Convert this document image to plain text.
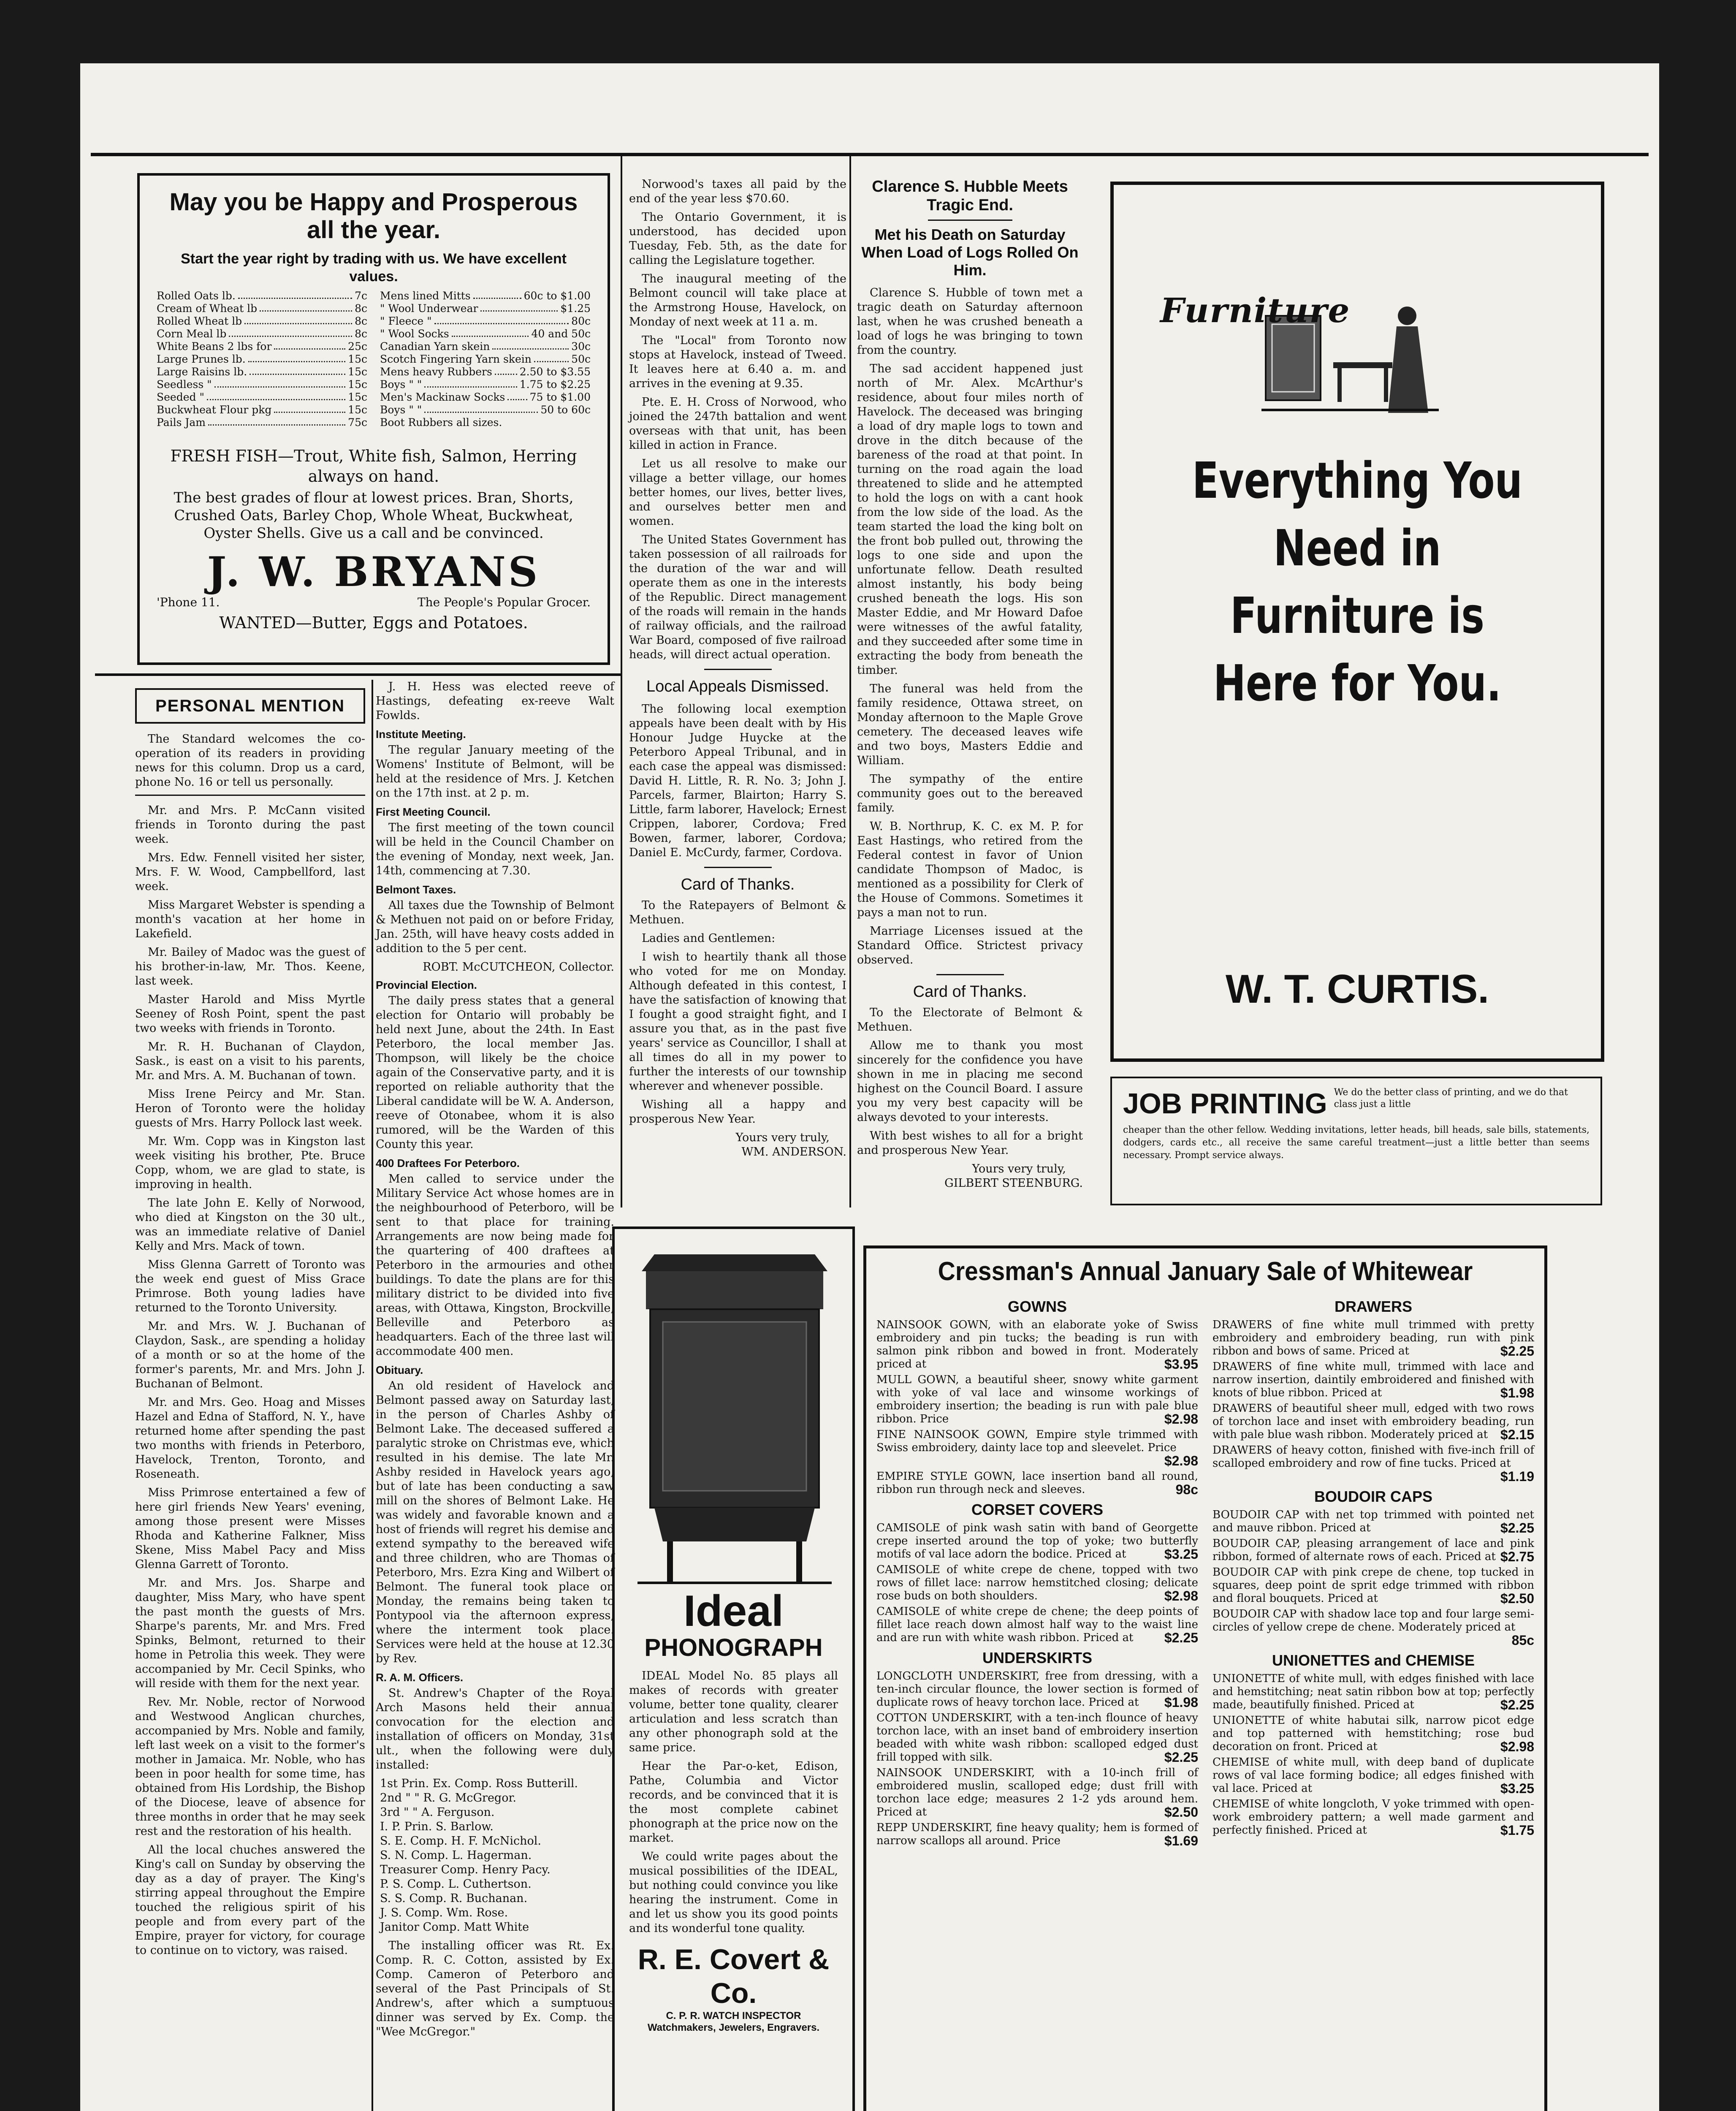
May you be Happy and Prosperous
all the year.
Start the year right by trading with us. We have excellent values.
Rolled Oats lb.	7c
Cream of Wheat lb	8c
Rolled Wheat lb	8c
Corn Meal lb	8c
White Beans 2 lbs for	25c
Large Prunes lb.	15c
Large Raisins lb.	15c
Seedless "	15c
Seeded "	15c
Buckwheat Flour pkg	15c
Pails Jam	75c
Mens lined Mitts	60c to $1.00
" Wool Underwear	$1.25
" Fleece "	80c
" Wool Socks	40 and 50c
Canadian Yarn skein	30c
Scotch Fingering Yarn skein	50c
Mens heavy Rubbers	2.50 to $3.55
Boys " "	1.75 to $2.25
Men's Mackinaw Socks 75 to $1.00
Boys " "	50 to 60c
Boot Rubbers all sizes.
FRESH FISH—Trout, White fish, Salmon, Herring always on hand.
The best grades of flour at lowest prices. Bran, Shorts, Crushed Oats, Barley Chop, Whole Wheat, Buckwheat, Oyster Shells. Give us a call and be convinced.
J. W. BRYANS
'Phone 11.	The People's Popular Grocer.
WANTED—Butter, Eggs and Potatoes.

Norwood's taxes all paid by the end of the year less $70.60.

The Ontario Government, it is understood, has decided upon Tuesday, Feb. 5th, as the date for calling the Legislature together.

The inaugural meeting of the Belmont council will take place at the Armstrong House, Havelock, on Monday of next week at 11 a. m.

The "Local" from Toronto now stops at Havelock, instead of Tweed. It leaves here at 6.40 a. m. and arrives in the evening at 9.35.

Pte. E. H. Cross of Norwood, who joined the 247th battalion and went overseas with that unit, has been killed in action in France.

Let us all resolve to make our village a better village, our homes better homes, our lives, better lives, and ourselves better men and women.

The United States Government has taken possession of all railroads for the duration of the war and will operate them as one in the interests of the Republic. Direct management of the roads will remain in the hands of railway officials, and the railroad War Board, composed of five railroad heads, will direct actual operation.

Local Appeals Dismissed.

The following local exemption appeals have been dealt with by His Honour Judge Huycke at the Peterboro Appeal Tribunal, and in each case the appeal was dismissed: David H. Little, R. R. No. 3; John J. Parcels, farmer, Blairton; Harry S. Little, farm laborer, Havelock; Ernest Crippen, laborer, Cordova; Fred Bowen, farmer, laborer, Cordova; Daniel E. McCurdy, farmer, Cordova.

Card of Thanks.

To the Ratepayers of Belmont & Methuen.

Ladies and Gentlemen:

I wish to heartily thank all those who voted for me on Monday. Although defeated in this contest, I have the satisfaction of knowing that I fought a good straight fight, and I assure you that, as in the past five years' service as Councillor, I shall at all times do all in my power to further the interests of our township wherever and whenever possible.

Wishing all a happy and prosperous New Year.

Yours very truly,
WM. ANDERSON.
Clarence S. Hubble Meets Tragic End.
Met his Death on Saturday When Load of Logs Rolled On Him.

Clarence S. Hubble of town met a tragic death on Saturday afternoon last, when he was crushed beneath a load of logs he was bringing to town from the country.

The sad accident happened just north of Mr. Alex. McArthur's residence, about four miles north of Havelock. The deceased was bringing a load of dry maple logs to town and drove in the ditch because of the bareness of the road at that point. In turning on the road again the load threatened to slide and he attempted to hold the logs on with a cant hook from the low side of the load. As the team started the load the king bolt on the front bob pulled out, throwing the logs to one side and upon the unfortunate fellow. Death resulted almost instantly, his body being crushed beneath the logs. His son Master Eddie, and Mr Howard Dafoe were witnesses of the awful fatality, and they succeeded after some time in extracting the body from beneath the timber.

The funeral was held from the family residence, Ottawa street, on Monday afternoon to the Maple Grove cemetery. The deceased leaves wife and two boys, Masters Eddie and William.

The sympathy of the entire community goes out to the bereaved family.

W. B. Northrup, K. C. ex M. P. for East Hastings, who retired from the Federal contest in favor of Union candidate Thompson of Madoc, is mentioned as a possibility for Clerk of the House of Commons. Sometimes it pays a man not to run.

Marriage Licenses issued at the Standard Office. Strictest privacy observed.

Card of Thanks.

To the Electorate of Belmont & Methuen.

Allow me to thank you most sincerely for the confidence you have shown in me in placing me second highest on the Council Board. I assure you my very best capacity will be always devoted to your interests.

With best wishes to all for a bright and prosperous New Year.

Yours very truly,
GILBERT STEENBURG.
Furniture
Everything You
Need in
Furniture is
Here for You.
W. T. CURTIS.
JOB PRINTING We do the better class of printing, and we do that class just a little
cheaper than the other fellow. Wedding invitations, letter heads, bill heads, sale bills, statements, dodgers, cards etc., all receive the same careful treatment—just a little better than seems necessary. Prompt service always.
PERSONAL MENTION

The Standard welcomes the co-operation of its readers in providing news for this column. Drop us a card, phone No. 16 or tell us personally.

Mr. and Mrs. P. McCann visited friends in Toronto during the past week.

Mrs. Edw. Fennell visited her sister, Mrs. F. W. Wood, Campbellford, last week.

Miss Margaret Webster is spending a month's vacation at her home in Lakefield.

Mr. Bailey of Madoc was the guest of his brother-in-law, Mr. Thos. Keene, last week.

Master Harold and Miss Myrtle Seeney of Rosh Point, spent the past two weeks with friends in Toronto.

Mr. R. H. Buchanan of Claydon, Sask., is east on a visit to his parents, Mr. and Mrs. A. M. Buchanan of town.

Miss Irene Peircy and Mr. Stan. Heron of Toronto were the holiday guests of Mrs. Harry Pollock last week.

Mr. Wm. Copp was in Kingston last week visiting his brother, Pte. Bruce Copp, whom, we are glad to state, is improving in health.

The late John E. Kelly of Norwood, who died at Kingston on the 30 ult., was an immediate relative of Daniel Kelly and Mrs. Mack of town.

Miss Glenna Garrett of Toronto was the week end guest of Miss Grace Primrose. Both young ladies have returned to the Toronto University.

Mr. and Mrs. W. J. Buchanan of Claydon, Sask., are spending a holiday of a month or so at the home of the former's parents, Mr. and Mrs. John J. Buchanan of Belmont.

Mr. and Mrs. Geo. Hoag and Misses Hazel and Edna of Stafford, N. Y., have returned home after spending the past two months with friends in Peterboro, Havelock, Trenton, Toronto, and Roseneath.

Miss Primrose entertained a few of here girl friends New Years' evening, among those present were Misses Rhoda and Katherine Falkner, Miss Skene, Miss Mabel Pacy and Miss Glenna Garrett of Toronto.

Mr. and Mrs. Jos. Sharpe and daughter, Miss Mary, who have spent the past month the guests of Mrs. Sharpe's parents, Mr. and Mrs. Fred Spinks, Belmont, returned to their home in Petrolia this week. They were accompanied by Mr. Cecil Spinks, who will reside with them for the next year.

Rev. Mr. Noble, rector of Norwood and Westwood Anglican churches, accompanied by Mrs. Noble and family, left last week on a visit to the former's mother in Jamaica. Mr. Noble, who has been in poor health for some time, has obtained from His Lordship, the Bishop of the Diocese, leave of absence for three months in order that he may seek rest and the restoration of his health.

All the local chuches answered the King's call on Sunday by observing the day as a day of prayer. The King's stirring appeal throughout the Empire touched the religious spirit of his people and from every part of the Empire, prayer for victory, for courage to continue on to victory, was raised.

J. H. Hess was elected reeve of Hastings, defeating ex-reeve Walt Fowlds.

Institute Meeting.

The regular January meeting of the Womens' Institute of Belmont, will be held at the residence of Mrs. J. Ketchen on the 17th inst. at 2 p. m.

First Meeting Council.

The first meeting of the town council will be held in the Council Chamber on the evening of Monday, next week, Jan. 14th, commencing at 7.30.

Belmont Taxes.

All taxes due the Township of Belmont & Methuen not paid on or before Friday, Jan. 25th, will have heavy costs added in addition to the 5 per cent.

ROBT. McCUTCHEON, Collector.
Provincial Election.

The daily press states that a general election for Ontario will probably be held next June, about the 24th. In East Peterboro, the local member Jas. Thompson, will likely be the choice again of the Conservative party, and it is reported on reliable authority that the Liberal candidate will be W. A. Anderson, reeve of Otonabee, whom it is also rumored, will be the Warden of this County this year.

400 Draftees For Peterboro.

Men called to service under the Military Service Act whose homes are in the neighbourhood of Peterboro, will be sent to that place for training. Arrangements are now being made for the quartering of 400 draftees at Peterboro in the armouries and other buildings. To date the plans are for this military district to be divided into five areas, with Ottawa, Kingston, Brockville, Belleville and Peterboro as headquarters. Each of the three last will accommodate 400 men.

Obituary.

An old resident of Havelock and Belmont passed away on Saturday last, in the person of Charles Ashby of Belmont Lake. The deceased suffered a paralytic stroke on Christmas eve, which resulted in his demise. The late Mr. Ashby resided in Havelock years ago, but of late has been conducting a saw mill on the shores of Belmont Lake. He was widely and favorable known and a host of friends will regret his demise and extend sympathy to the bereaved wife and three children, who are Thomas of Peterboro, Mrs. Ezra King and Wilbert of Belmont. The funeral took place on Monday, the remains being taken to Pontypool via the afternoon express, where the interment took place. Services were held at the house at 12.30 by Rev.

R. A. M. Officers.

St. Andrew's Chapter of the Royal Arch Masons held their annual convocation for the election and installation of officers on Monday, 31st ult., when the following were duly installed:

1st Prin. Ex. Comp. Ross Butterill.
2nd " " R. G. McGregor.
3rd " " A. Ferguson.
I. P. Prin. S. Barlow.
S. E. Comp. H. F. McNichol.
S. N. Comp. L. Hagerman.
Treasurer Comp. Henry Pacy.
P. S. Comp. L. Cuthertson.
S. S. Comp. R. Buchanan.
J. S. Comp. Wm. Rose.
Janitor Comp. Matt White

The installing officer was Rt. Ex. Comp. R. C. Cotton, assisted by Ex. Comp. Cameron of Peterboro and several of the Past Principals of St. Andrew's, after which a sumptuous dinner was served by Ex. Comp. the "Wee McGregor."

Ideal
PHONOGRAPH

IDEAL Model No. 85 plays all makes of records with greater volume, better tone quality, clearer articulation and less scratch than any other phonograph sold at the same price.

Hear the Par-o-ket, Edison, Pathe, Columbia and Victor records, and be convinced that it is the most complete cabinet phonograph at the price now on the market.

We could write pages about the musical possibilities of the IDEAL, but nothing could convince you like hearing the instrument. Come in and let us show you its good points and its wonderful tone quality.

R. E. Covert & Co.
C. P. R. WATCH INSPECTOR
Watchmakers, Jewelers, Engravers.
Cressman's Annual January Sale of Whitewear
GOWNS
NAINSOOK GOWN, with an elaborate yoke of Swiss embroidery and pin tucks; the beading is run with salmon pink ribbon and bowed in front. Moderately priced at	$3.95
MULL GOWN, a beautiful sheer, snowy white garment with yoke of val lace and winsome workings of embroidery insertion; the beading is run with pale blue ribbon. Price	$2.98
FINE NAINSOOK GOWN, Empire style trimmed with Swiss embroidery, dainty lace top and sleevelet. Price
$2.98
EMPIRE STYLE GOWN, lace insertion band all round, ribbon run through neck and sleeves.	98c
CORSET COVERS
CAMISOLE of pink wash satin with band of Georgette crepe inserted around the top of yoke; two butterfly motifs of val lace adorn the bodice. Priced at	$3.25
CAMISOLE of white crepe de chene, topped with two rows of fillet lace: narrow hemstitched closing; delicate rose buds on both shoulders.	$2.98
CAMISOLE of white crepe de chene; the deep points of fillet lace reach down almost half way to the waist line and are run with white wash ribbon. Priced at $2.25
UNDERSKIRTS
LONGCLOTH UNDERSKIRT, free from dressing, with a ten-inch circular flounce, the lower section is formed of duplicate rows of heavy torchon lace. Priced at $1.98
COTTON UNDERSKIRT, with a ten-inch flounce of heavy torchon lace, with an inset band of embroidery insertion beaded with white wash ribbon: scalloped edged dust frill topped with silk.	$2.25
NAINSOOK UNDERSKIRT, with a 10-inch frill of embroidered muslin, scalloped edge; dust frill with torchon lace edge; measures 2 1-2 yds around hem. Priced at	$2.50
REPP UNDERSKIRT, fine heavy quality; hem is formed of narrow scallops all around. Price	$1.69
DRAWERS
DRAWERS of fine white mull trimmed with pretty embroidery and embroidery beading, run with pink ribbon and bows of same. Priced at	$2.25
DRAWERS of fine white mull, trimmed with lace and narrow insertion, daintily embroidered and finished with knots of blue ribbon. Priced at	$1.98
DRAWERS of beautiful sheer mull, edged with two rows of torchon lace and inset with embroidery beading, run with pale blue wash ribbon. Moderately priced at $2.15
DRAWERS of heavy cotton, finished with five-inch frill of scalloped embroidery and row of fine tucks. Priced at
$1.19
BOUDOIR CAPS
BOUDOIR CAP with net top trimmed with pointed net and mauve ribbon. Priced at	$2.25
BOUDOIR CAP, pleasing arrangement of lace and pink ribbon, formed of alternate rows of each. Priced at $2.75
BOUDOIR CAP with pink crepe de chene, top tucked in squares, deep point de sprit edge trimmed with ribbon and floral bouquets. Priced at	$2.50
BOUDOIR CAP with shadow lace top and four large semi-circles of yellow crepe de chene. Moderately priced at
85c
UNIONETTES and CHEMISE
UNIONETTE of white mull, with edges finished with lace and hemstitching; neat satin ribbon bow at top; perfectly made, beautifully finished. Priced at	$2.25
UNIONETTE of white habutai silk, narrow picot edge and top patterned with hemstitching; rose bud decoration on front. Priced at	$2.98
CHEMISE of white mull, with deep band of duplicate rows of val lace forming bodice; all edges finished with val lace. Priced at	$3.25
CHEMISE of white longcloth, V yoke trimmed with open-work embroidery pattern; a well made garment and perfectly finished. Priced at	$1.75
